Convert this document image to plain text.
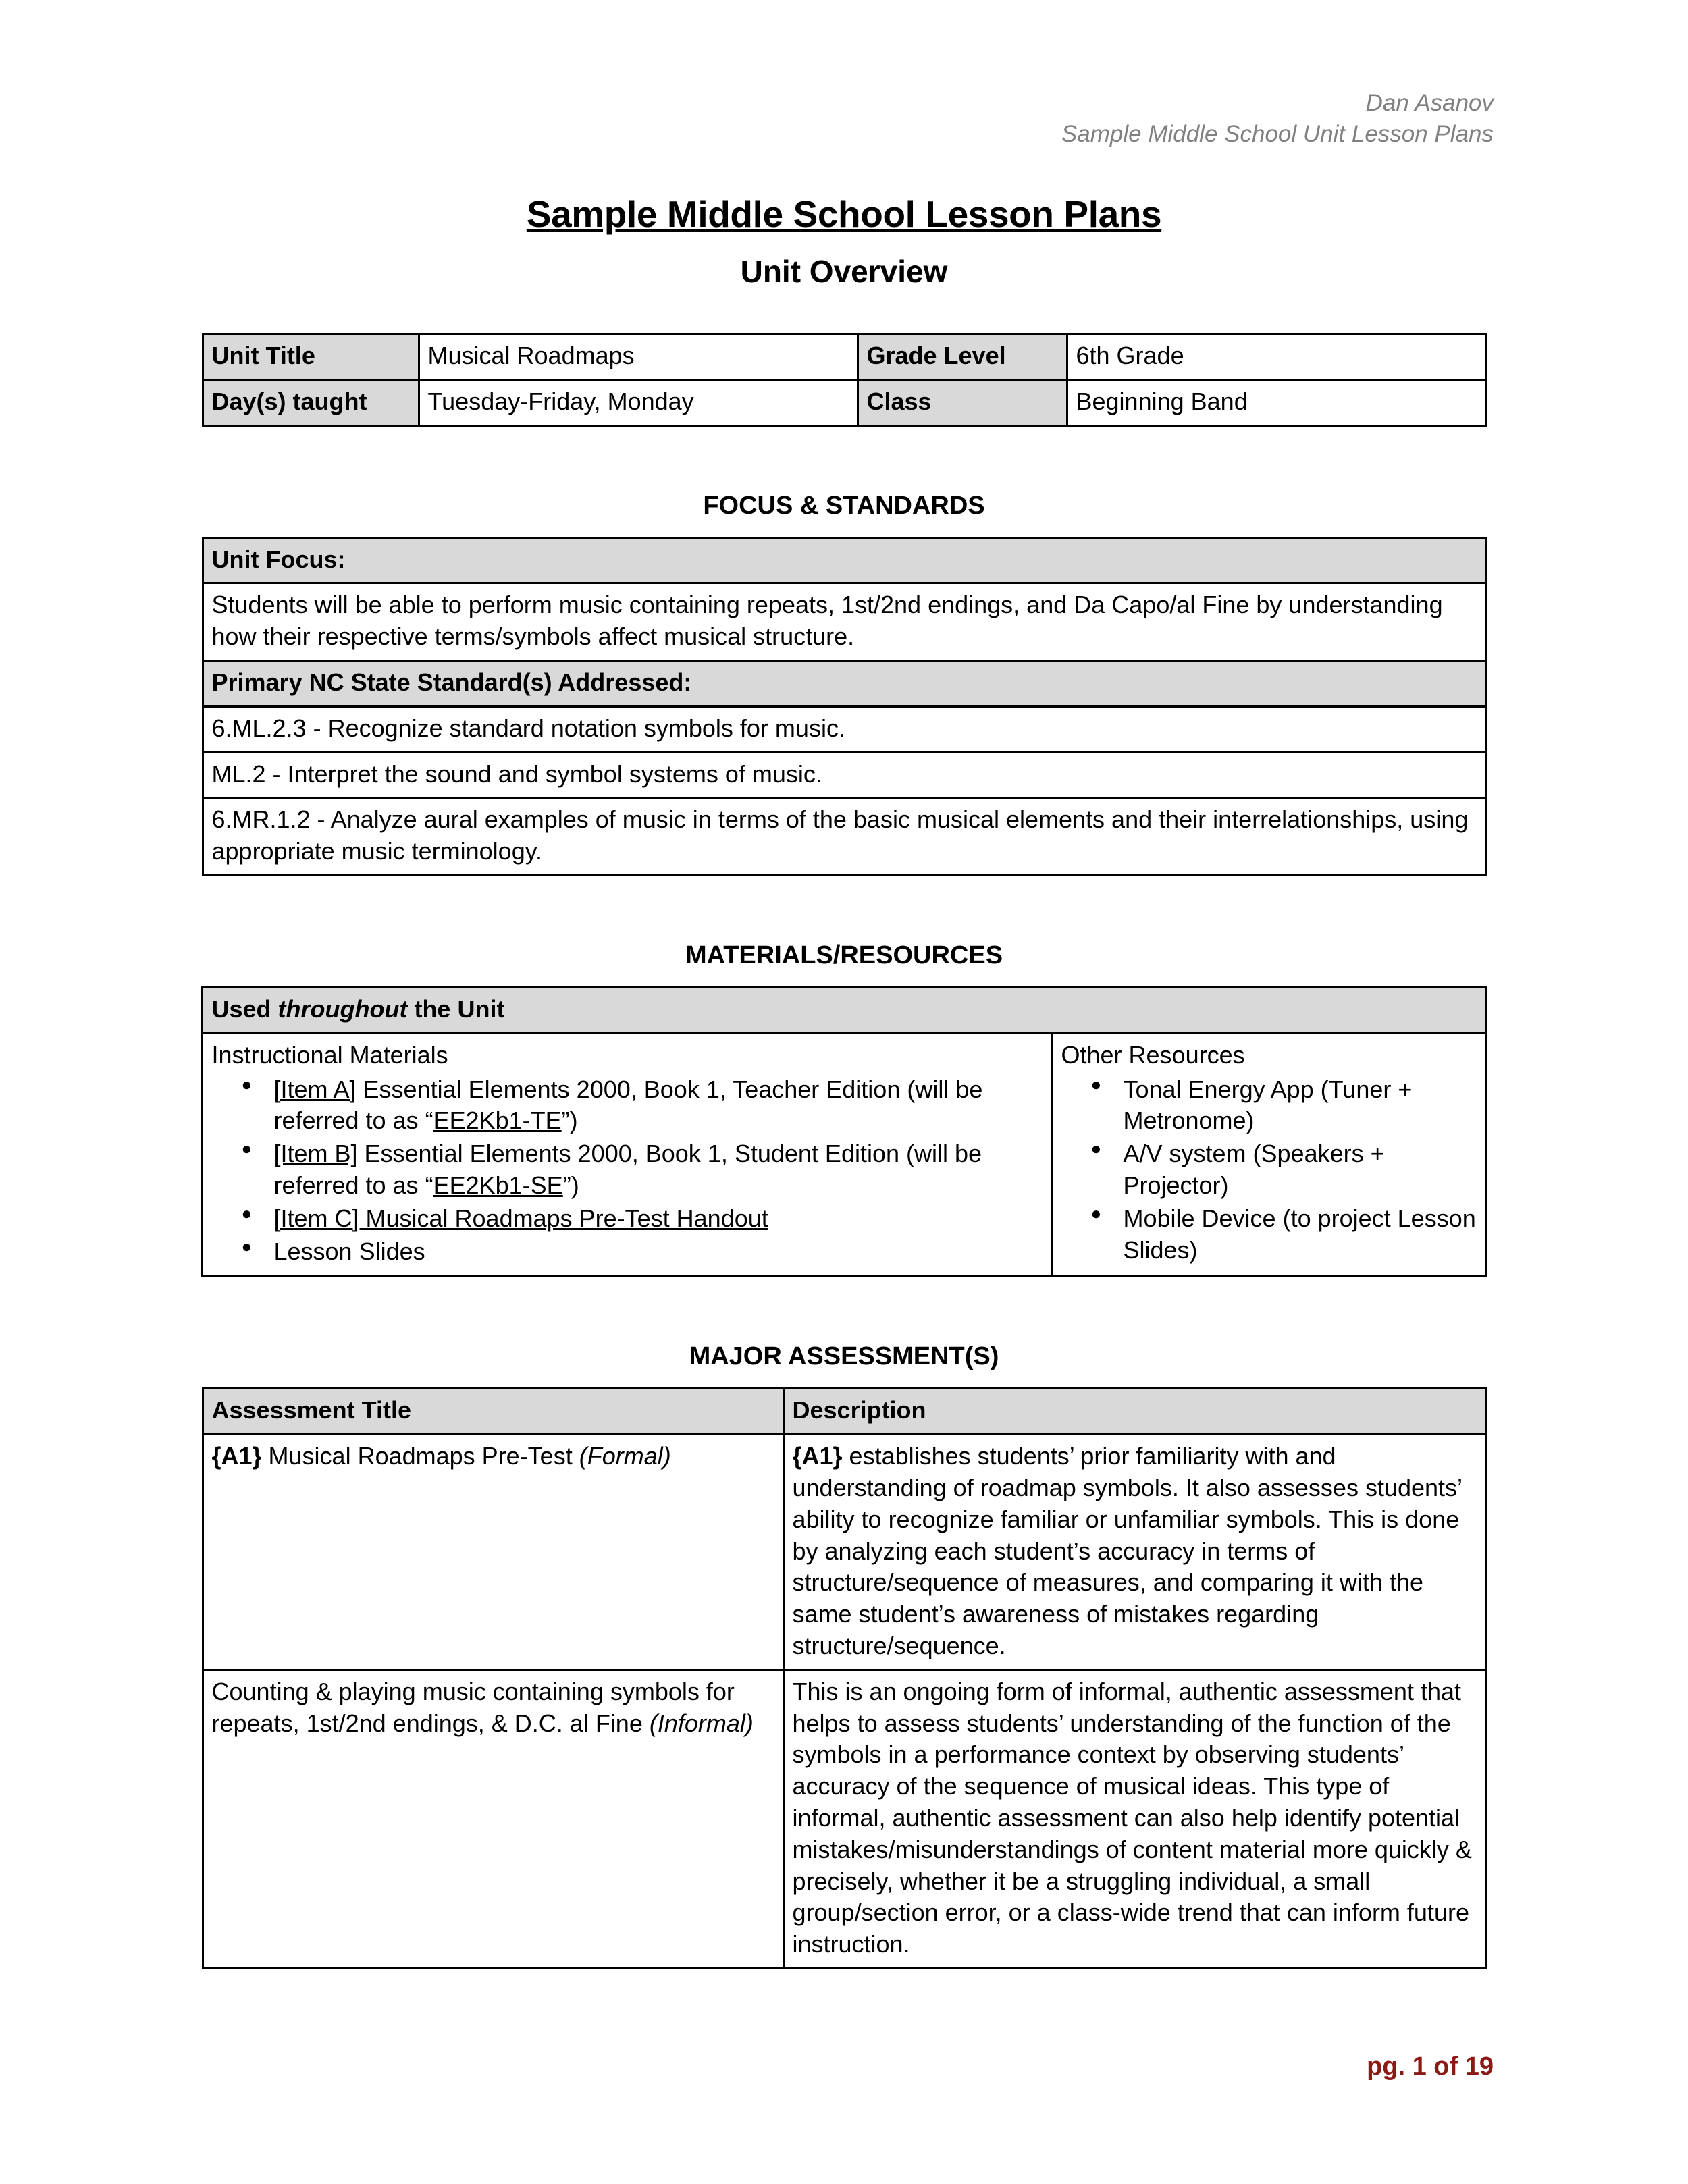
Dan Asanov
Sample Middle School Unit Lesson Plans
Sample Middle School Lesson Plans
Unit Overview
Unit Title	Musical Roadmaps	Grade Level	6th Grade
Day(s) taught	Tuesday-Friday, Monday	Class	Beginning Band
FOCUS & STANDARDS
Unit Focus:
Students will be able to perform music containing repeats, 1st/2nd endings, and Da Capo/al Fine by understanding how their respective terms/symbols affect musical structure.
Primary NC State Standard(s) Addressed:
6.ML.2.3 - Recognize standard notation symbols for music.
ML.2 - Interpret the sound and symbol systems of music.
6.MR.1.2 - Analyze aural examples of music in terms of the basic musical elements and their interrelationships, using appropriate music terminology.
MATERIALS/RESOURCES
Used throughout the Unit

Instructional Materials
● [Item A] Essential Elements 2000, Book 1, Teacher Edition (will be referred to as “EE2Kb1-TE”)
● [Item B] Essential Elements 2000, Book 1, Student Edition (will be referred to as “EE2Kb1-SE”)
● [Item C] Musical Roadmaps Pre-Test Handout
● Lesson Slides

Other Resources
● Tonal Energy App (Tuner + Metronome)
● A/V system (Speakers + Projector)
● Mobile Device (to project Lesson Slides)
MAJOR ASSESSMENT(S)
Assessment Title	Description
{A1} Musical Roadmaps Pre-Test (Formal)	{A1} establishes students’ prior familiarity with and understanding of roadmap symbols. It also assesses students’ ability to recognize familiar or unfamiliar symbols. This is done by analyzing each student’s accuracy in terms of structure/sequence of measures, and comparing it with the same student’s awareness of mistakes regarding structure/sequence.
Counting & playing music containing symbols for repeats, 1st/2nd endings, & D.C. al Fine (Informal)	This is an ongoing form of informal, authentic assessment that helps to assess students’ understanding of the function of the symbols in a performance context by observing students’ accuracy of the sequence of musical ideas. This type of informal, authentic assessment can also help identify potential mistakes/misunderstandings of content material more quickly & precisely, whether it be a struggling individual, a small group/section error, or a class-wide trend that can inform future instruction.
pg. 1 of 19
